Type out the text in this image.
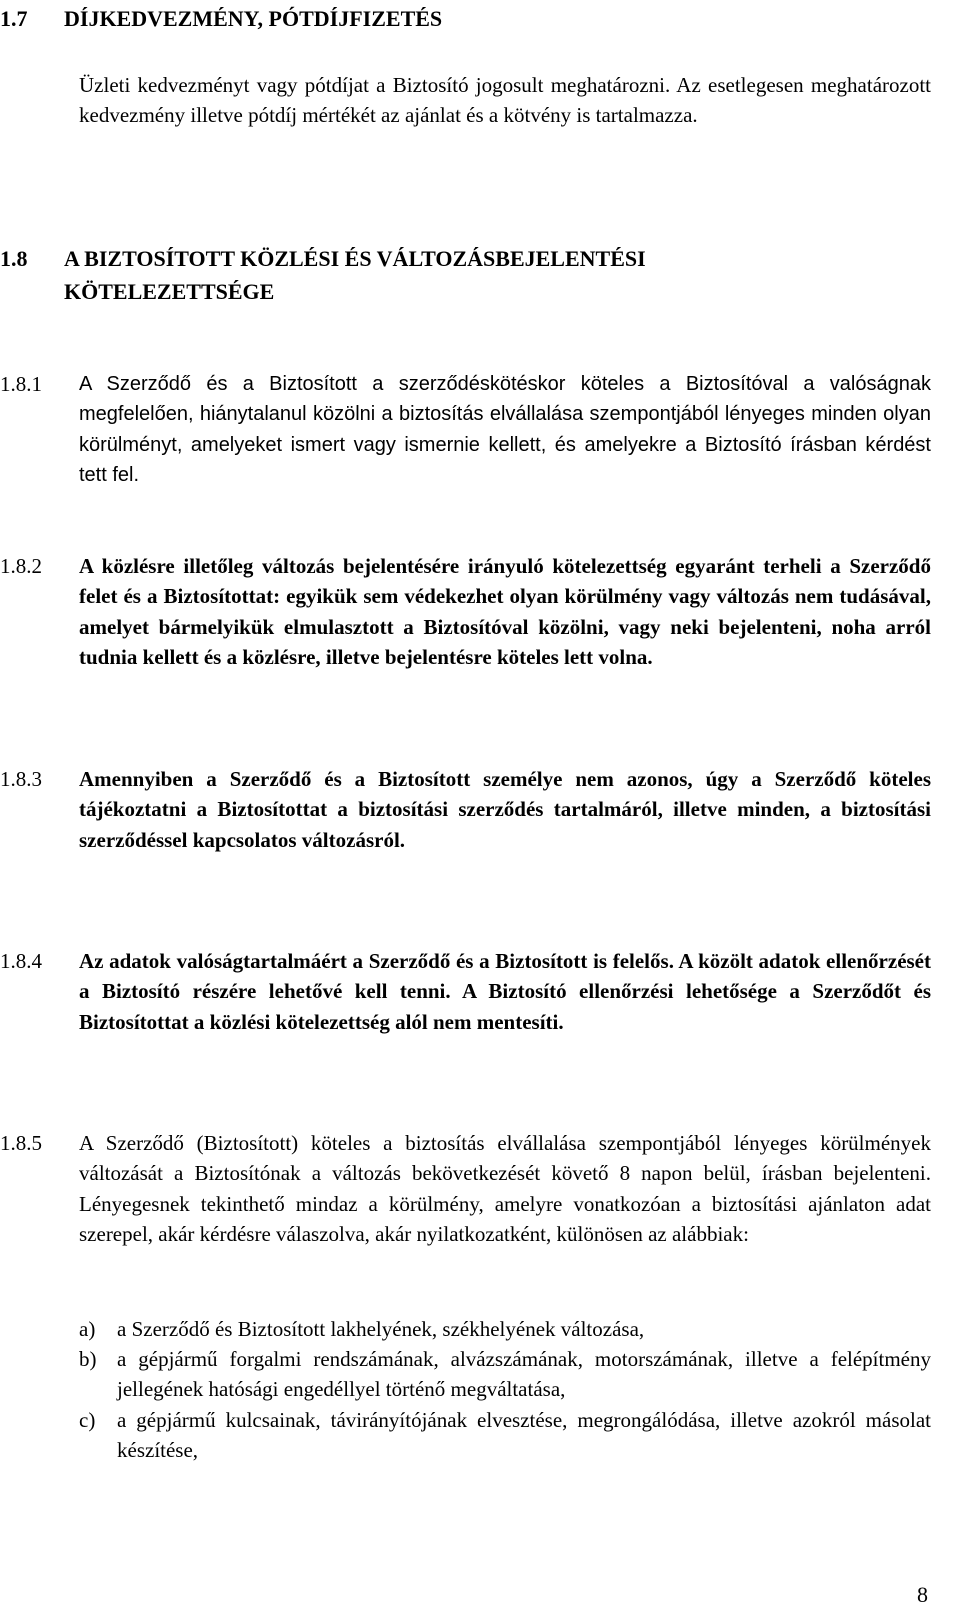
1.7 DÍJKEDVEZMÉNY, PÓTDÍJFIZETÉS

Üzleti kedvezményt vagy pótdíjat a Biztosító jogosult meghatározni. Az esetlegesen meghatározott kedvezmény illetve pótdíj mértékét az ajánlat és a kötvény is tartalmazza.

1.8 A BIZTOSÍTOTT KÖZLÉSI ÉS VÁLTOZÁSBEJELENTÉSI
KÖTELEZETTSÉGE
1.8.1 A Szerződő és a Biztosított a szerződéskötéskor köteles a Biztosítóval a valóságnak megfelelően, hiánytalanul közölni a biztosítás elvállalása szempontjából lényeges minden olyan körülményt, amelyeket ismert vagy ismernie kellett, és amelyekre a Biztosító írásban kérdést tett fel.
1.8.2 A közlésre illetőleg változás bejelentésére irányuló kötelezettség egyaránt terheli a Szerződő felet és a Biztosítottat: egyikük sem védekezhet olyan körülmény vagy változás nem tudásával, amelyet bármelyikük elmulasztott a Biztosítóval közölni, vagy neki bejelenteni, noha arról tudnia kellett és a közlésre, illetve bejelentésre köteles lett volna.
1.8.3 Amennyiben a Szerződő és a Biztosított személye nem azonos, úgy a Szerződő köteles tájékoztatni a Biztosítottat a biztosítási szerződés tartalmáról, illetve minden, a biztosítási szerződéssel kapcsolatos változásról.
1.8.4 Az adatok valóságtartalmáért a Szerződő és a Biztosított is felelős. A közölt adatok ellenőrzését a Biztosító részére lehetővé kell tenni. A Biztosító ellenőrzési lehetősége a Szerződőt és Biztosítottat a közlési kötelezettség alól nem mentesíti.
1.8.5 A Szerződő (Biztosított) köteles a biztosítás elvállalása szempontjából lényeges körülmények változását a Biztosítónak a változás bekövetkezését követő 8 napon belül, írásban bejelenteni. Lényegesnek tekinthető mindaz a körülmény, amelyre vonatkozóan a biztosítási ajánlaton adat szerepel, akár kérdésre válaszolva, akár nyilatkozatként, különösen az alábbiak:
a) a Szerződő és Biztosított lakhelyének, székhelyének változása,
b) a gépjármű forgalmi rendszámának, alvázszámának, motorszámának, illetve a felépítmény jellegének hatósági engedéllyel történő megváltatása,
c) a gépjármű kulcsainak, távirányítójának elvesztése, megrongálódása, illetve azokról másolat készítése,
8
